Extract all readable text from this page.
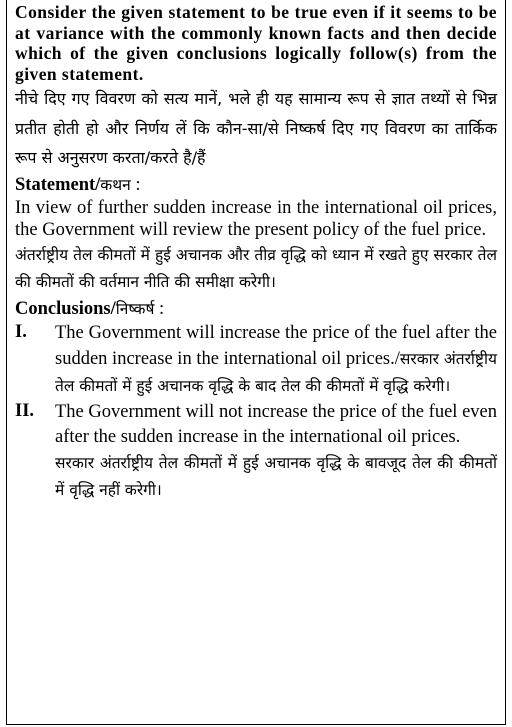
Consider the given statement to be true even if it seems to be at variance with the commonly known facts and then decide which of the given conclusions logically follow(s) from the given statement.

नीचे दिए गए विवरण को सत्य मानें, भले ही यह सामान्य रूप से ज्ञात तथ्यों से भिन्न प्रतीत होती हो और निर्णय लें कि कौन-सा/से निष्कर्ष दिए गए विवरण का तार्किक रूप से अनुसरण करता/करते है/हैं

Statement/कथन :

In view of further sudden increase in the international oil prices, the Government will review the present policy of the fuel price.

अंतर्राष्ट्रीय तेल कीमतों में हुई अचानक और तीव्र वृद्धि को ध्यान में रखते हुए सरकार तेल की कीमतों की वर्तमान नीति की समीक्षा करेगी।

Conclusions/निष्कर्ष :

I.	The Government will increase the price of the fuel after the sudden increase in the international oil prices./सरकार अंतर्राष्ट्रीय तेल कीमतों में हुई अचानक वृद्धि के बाद तेल की कीमतों में वृद्धि करेगी।

II.	The Government will not increase the price of the fuel even after the sudden increase in the international oil prices.

सरकार अंतर्राष्ट्रीय तेल कीमतों में हुई अचानक वृद्धि के बावजूद तेल की कीमतों में वृद्धि नहीं करेगी।
